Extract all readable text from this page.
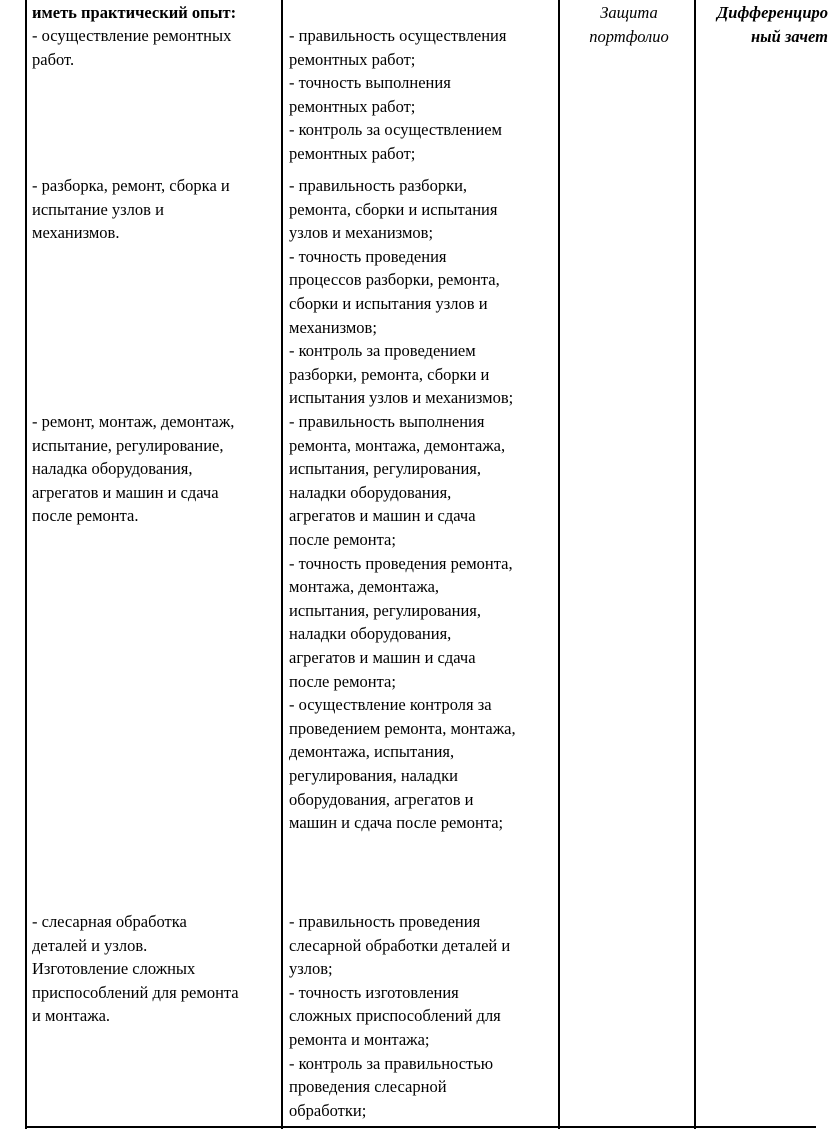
иметь практический опыт:
- осуществление ремонтных
работ.
- разборка, ремонт, сборка и
испытание узлов и
механизмов.
- ремонт, монтаж, демонтаж,
испытание, регулирование,
наладка оборудования,
агрегатов и машин и сдача
после ремонта.
- слесарная обработка
деталей и узлов.
Изготовление сложных
приспособлений для ремонта
и монтажа.
- правильность осуществления
ремонтных работ;
- точность выполнения
ремонтных работ;
- контроль за осуществлением
ремонтных работ;
- правильность разборки,
ремонта, сборки и испытания
узлов и механизмов;
- точность проведения
процессов разборки, ремонта,
сборки и испытания узлов и
механизмов;
- контроль за проведением
разборки, ремонта, сборки и
испытания узлов и механизмов;
- правильность выполнения
ремонта, монтажа, демонтажа,
испытания, регулирования,
наладки оборудования,
агрегатов и машин и сдача
после ремонта;
- точность проведения ремонта,
монтажа, демонтажа,
испытания, регулирования,
наладки оборудования,
агрегатов и машин и сдача
после ремонта;
- осуществление контроля за
проведением ремонта, монтажа,
демонтажа, испытания,
регулирования, наладки
оборудования, агрегатов и
машин и сдача после ремонта;
- правильность проведения
слесарной обработки деталей и
узлов;
- точность изготовления
сложных приспособлений для
ремонта и монтажа;
- контроль за правильностью
проведения слесарной
обработки;
Защита
портфолио
Дифференциро
ный зачет
